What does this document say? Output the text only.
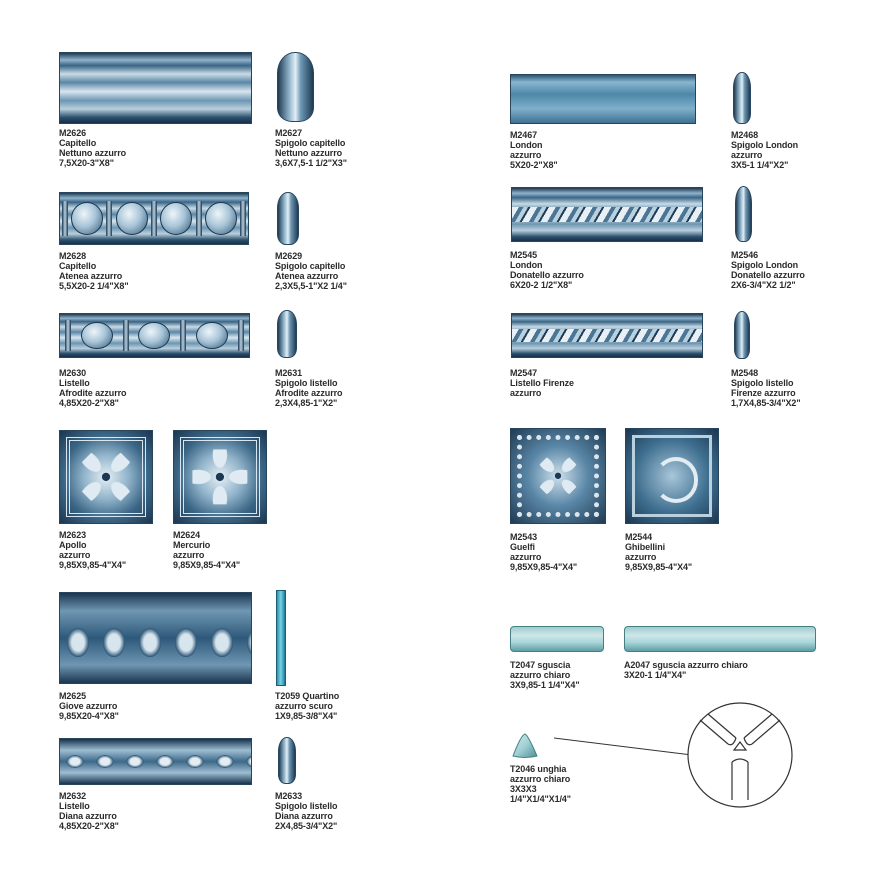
M2626
Capitello
Nettuno azzurro
7,5X20-3"X8"
M2627
Spigolo capitello
Nettuno azzurro
3,6X7,5-1 1/2"X3"
M2628
Capitello
Atenea azzurro
5,5X20-2 1/4"X8"
M2629
Spigolo capitello
Atenea azzurro
2,3X5,5-1"X2 1/4"
M2630
Listello
Afrodite azzurro
4,85X20-2"X8"
M2631
Spigolo listello
Afrodite azzurro
2,3X4,85-1"X2"
M2623
Apollo
azzurro
9,85X9,85-4"X4"
M2624
Mercurio
azzurro
9,85X9,85-4"X4"
M2625
Giove azzurro
9,85X20-4"X8"
T2059 Quartino
azzurro scuro
1X9,85-3/8"X4"
M2632
Listello
Diana azzurro
4,85X20-2"X8"
M2633
Spigolo listello
Diana azzurro
2X4,85-3/4"X2"
M2467
London
azzurro
5X20-2"X8"
M2468
Spigolo London
azzurro
3X5-1 1/4"X2"
M2545
London
Donatello azzurro
6X20-2 1/2"X8"
M2546
Spigolo London
Donatello azzurro
2X6-3/4"X2 1/2"
M2547
Listello Firenze
azzurro
M2548
Spigolo listello
Firenze azzurro
1,7X4,85-3/4"X2"
M2543
Guelfi
azzurro
9,85X9,85-4"X4"
M2544
Ghibellini
azzurro
9,85X9,85-4"X4"
T2047 sguscia
azzurro chiaro
3X9,85-1 1/4"X4"
A2047 sguscia azzurro chiaro
3X20-1 1/4"X4"
T2046 unghia
azzurro chiaro
3X3X3
1/4"X1/4"X1/4"
